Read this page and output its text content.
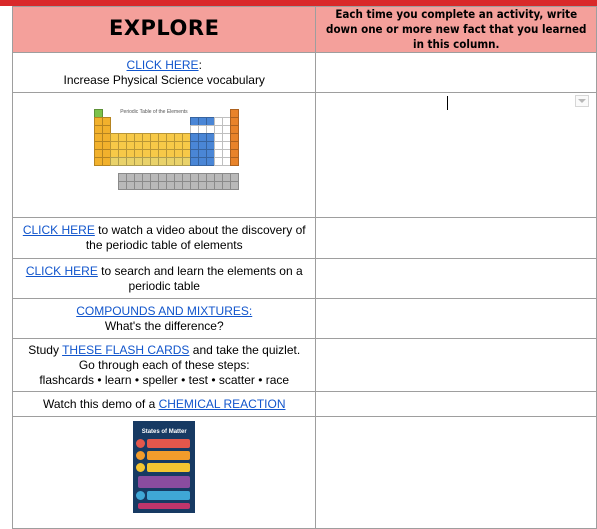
EXPLORE	Each time you complete an activity, write down one or more new fact that you learned in this column.

CLICK HERE:
Increase Physical Science vocabulary	

Periodic Table of the Elements	

CLICK HERE to watch a video about the discovery of the periodic table of elements	
CLICK HERE to search and learn the elements on a periodic table	
COMPOUNDS AND MIXTURES:
What's the difference?	
Study THESE FLASH CARDS and take the quizlet. Go through each of these steps:
flashcards • learn • speller • test • scatter • race	
Watch this demo of a CHEMICAL REACTION	

States of Matter	
